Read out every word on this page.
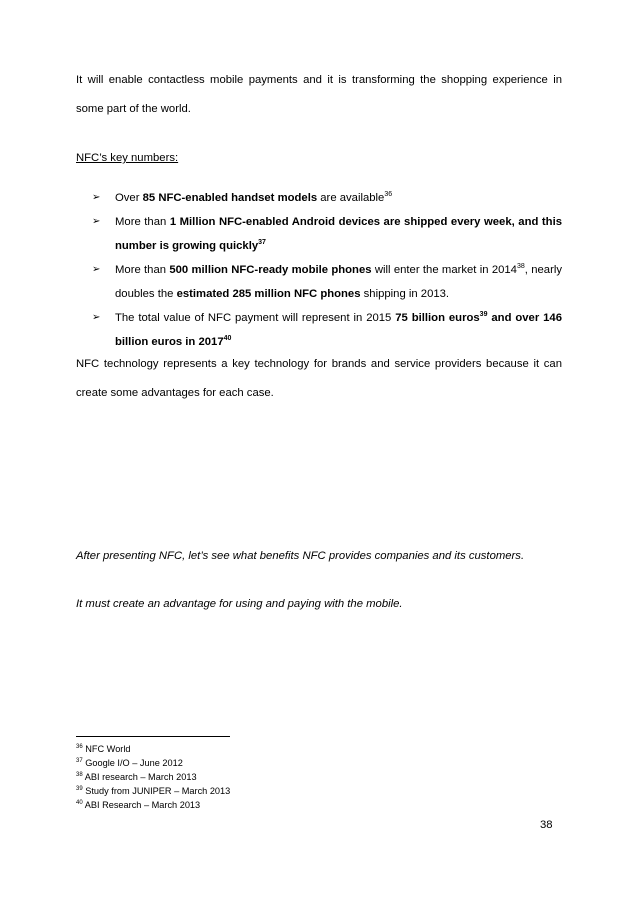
It will enable contactless mobile payments and it is transforming the shopping experience in some part of the world.

NFC’s key numbers:

➢ Over 85 NFC-enabled handset models are available$^{36}$
➢ More than 1 Million NFC-enabled Android devices are shipped every week, and this number is growing quickly$^{37}$
➢ More than 500 million NFC-ready mobile phones will enter the market in 2014$^{38}$, nearly doubles the estimated 285 million NFC phones shipping in 2013.
➢ The total value of NFC payment will represent in 2015 75 billion euros$^{39}$ and over 146 billion euros in 2017$^{40}$

NFC technology represents a key technology for brands and service providers because it can create some advantages for each case.

After presenting NFC, let’s see what benefits NFC provides companies and its customers.

It must create an advantage for using and paying with the mobile.

$^{36}$ NFC World
$^{37}$ Google I/O – June 2012
$^{38}$ ABI research – March 2013
$^{39}$ Study from JUNIPER – March 2013
$^{40}$ ABI Research – March 2013
38
